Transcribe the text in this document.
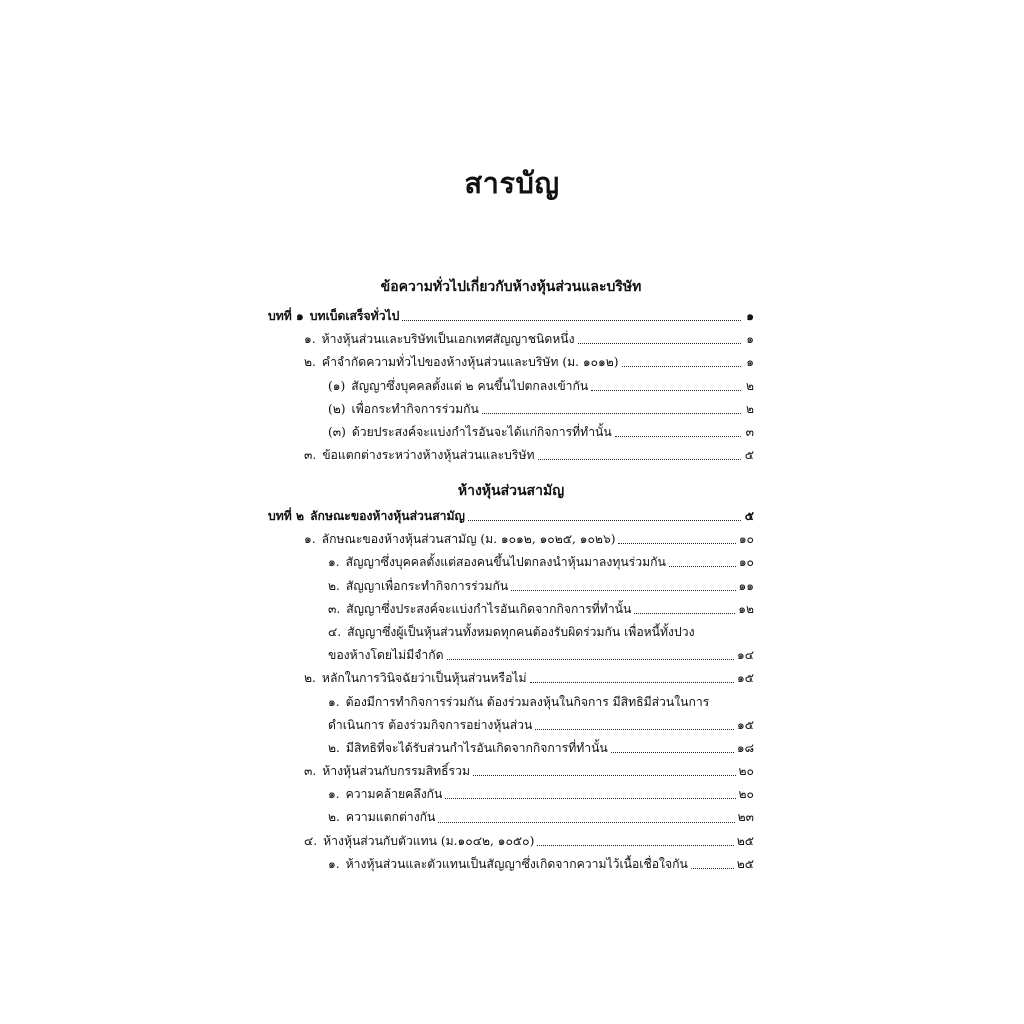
สารบัญ
ข้อความทั่วไปเกี่ยวกับห้างหุ้นส่วนและบริษัท
บทที่ ๑ บทเบ็ดเสร็จทั่วไป	๑
๑. ห้างหุ้นส่วนและบริษัทเป็นเอกเทศสัญญาชนิดหนึ่ง	๑
๒. คำจำกัดความทั่วไปของห้างหุ้นส่วนและบริษัท (ม. ๑๐๑๒)	๑
(๑) สัญญาซึ่งบุคคลตั้งแต่ ๒ คนขึ้นไปตกลงเข้ากัน	๒
(๒) เพื่อกระทำกิจการร่วมกัน	๒
(๓) ด้วยประสงค์จะแบ่งกำไรอันจะได้แก่กิจการที่ทำนั้น	๓
๓. ข้อแตกต่างระหว่างห้างหุ้นส่วนและบริษัท	๕
ห้างหุ้นส่วนสามัญ
บทที่ ๒ ลักษณะของห้างหุ้นส่วนสามัญ	๕
๑. ลักษณะของห้างหุ้นส่วนสามัญ (ม. ๑๐๑๒, ๑๐๒๕, ๑๐๒๖)	๑๐
๑. สัญญาซึ่งบุคคลตั้งแต่สองคนขึ้นไปตกลงนำหุ้นมาลงทุนร่วมกัน	๑๐
๒. สัญญาเพื่อกระทำกิจการร่วมกัน	๑๑
๓. สัญญาซึ่งประสงค์จะแบ่งกำไรอันเกิดจากกิจการที่ทำนั้น	๑๒
๔. สัญญาซึ่งผู้เป็นหุ้นส่วนทั้งหมดทุกคนต้องรับผิดร่วมกัน เพื่อหนี้ทั้งปวง
ของห้างโดยไม่มีจำกัด	๑๔
๒. หลักในการวินิจฉัยว่าเป็นหุ้นส่วนหรือไม่	๑๕
๑. ต้องมีการทำกิจการร่วมกัน ต้องร่วมลงหุ้นในกิจการ มีสิทธิมีส่วนในการ
ดำเนินการ ต้องร่วมกิจการอย่างหุ้นส่วน	๑๕
๒. มีสิทธิที่จะได้รับส่วนกำไรอันเกิดจากกิจการที่ทำนั้น	๑๘
๓. ห้างหุ้นส่วนกับกรรมสิทธิ์รวม	๒๐
๑. ความคล้ายคลึงกัน	๒๐
๒. ความแตกต่างกัน	๒๓
๔. ห้างหุ้นส่วนกับตัวแทน (ม.๑๐๔๒, ๑๐๕๐)	๒๕
๑. ห้างหุ้นส่วนและตัวแทนเป็นสัญญาซึ่งเกิดจากความไว้เนื้อเชื่อใจกัน	๒๕
